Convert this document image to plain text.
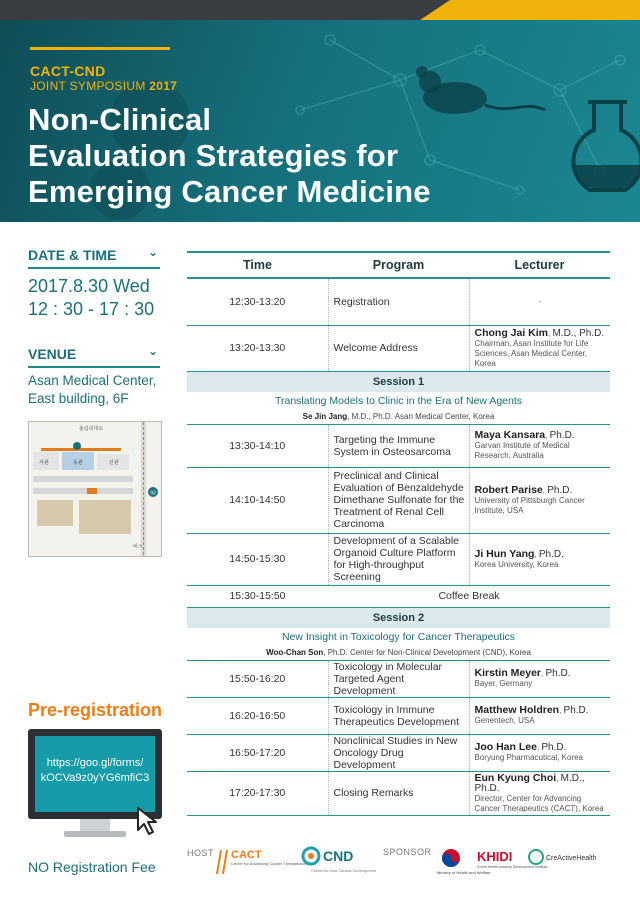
CACT-CND
JOINT SYMPOSIUM 2017
Non-Clinical
Evaluation Strategies for
Emerging Cancer Medicine
DATE & TIME	⌄
2017.8.30 Wed
12 : 30 - 17 : 30
VENUE	⌄
Asan Medical Center,
East building, 6F
93
올림픽대로
동관
서관	신관
버스
Pre-registration
https://goo.gl/forms/
kOCVa9z0yYG6mfiC3
NO Registration Fee
Time	Program	Lecturer
12:30-13:20	Registration	-

13:20-13:30	Welcome Address	Chong Jai Kim, M.D., Ph.D.
Chairman, Asan Institute for Life Sciences, Asan Medical Center, Korea
Session 1		
Translating Models to Clinic in the Era of New Agents		
Se Jin Jang, M.D., Ph.D. Asan Medical Center, Korea		
13:30-14:10	Targeting the Immune System in Osteosarcoma	Maya Kansara, Ph.D.
Garvan Institute of Medical Research, Australia
14:10-14:50	Preclinical and Clinical Evaluation of Benzaldehyde Dimethane Sulfonate for the Treatment of Renal Cell Carcinoma	Robert Parise, Ph.D.
University of Pittsburgh Cancer Institute, USA
14:50-15:30	Development of a Scalable Organoid Culture Platform for High-throughput Screening	Ji Hun Yang, Ph.D.
Korea University, Korea
15:30-15:50	Coffee Break	
Session 2		
New Insight in Toxicology for Cancer Therapeutics		
Woo-Chan Son, Ph.D. Center for Non-Clinical Development (CND), Korea		
15:50-16:20	Toxicology in Molecular Targeted Agent Development	Kirstin Meyer, Ph.D.
Bayer, Germany
16:20-16:50	Toxicology in Immune Therapeutics Development	Matthew Holdren, Ph.D.
Genentech, USA
16:50-17:20	Nonclinical Studies in New Oncology Drug Development	Joo Han Lee, Ph.D.
Boryung Pharmacutical, Korea
17:20-17:30	Closing Remarks	Eun Kyung Choi, M.D., Ph.D.
Director, Center for Advancing Cancer Therapeutics (CACT), Korea
HOST CACT
Center for Advancing Cancer Therapeutics CND
Center for Non-Clinical Development
SPONSOR
Ministry of Health and Welfare
KHIDI
Korea Health Industry Development Institute
CreActiveHealth
